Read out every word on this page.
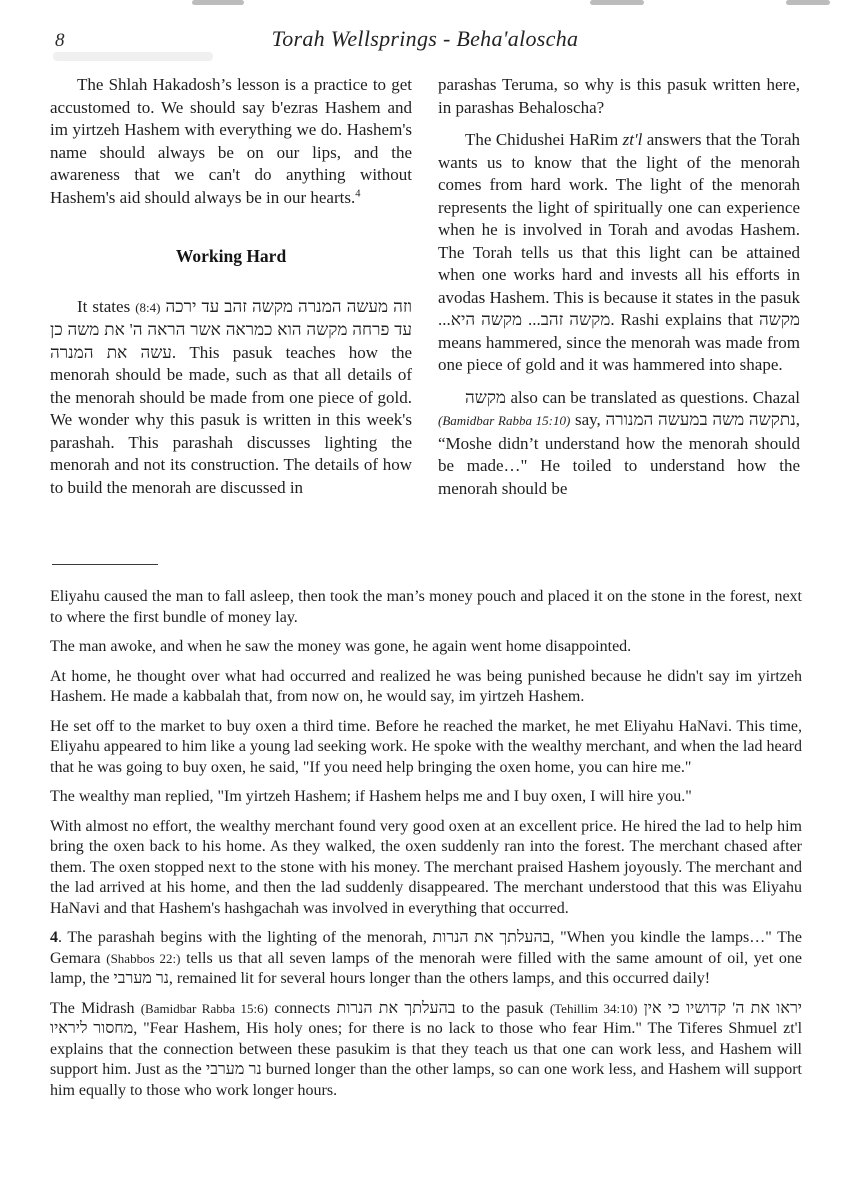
8	Torah Wellsprings - Beha'aloscha

The Shlah Hakadosh’s lesson is a practice to get accustomed to. We should say b'ezras Hashem and im yirtzeh Hashem with everything we do. Hashem's name should always be on our lips, and the awareness that we can't do anything without Hashem's aid should always be in our hearts.$^4$

Working Hard

It states (8:4) וזה מעשה המנרה מקשה זהב עד ירכה עד פרחה מקשה הוא כמראה אשר הראה ה' את משה כן עשה את המנרה. This pasuk teaches how the menorah should be made, such as that all details of the menorah should be made from one piece of gold. We wonder why this pasuk is written in this week's parashah. This parashah discusses lighting the menorah and not its construction. The details of how to build the menorah are discussed in

parashas Teruma, so why is this pasuk written here, in parashas Behaloscha?

The Chidushei HaRim zt'l answers that the Torah wants us to know that the light of the menorah comes from hard work. The light of the menorah represents the light of spiritually one can experience when he is involved in Torah and avodas Hashem. The Torah tells us that this light can be attained when one works hard and invests all his efforts in avodas Hashem. This is because it states in the pasuk מקשה זהב... מקשה היא.... Rashi explains that מקשה means hammered, since the menorah was made from one piece of gold and it was hammered into shape.

מקשה also can be translated as questions. Chazal (Bamidbar Rabba 15:10) say, נתקשה משה במעשה המנורה, “Moshe didn’t understand how the menorah should be made…" He toiled to understand how the menorah should be

Eliyahu caused the man to fall asleep, then took the man’s money pouch and placed it on the stone in the forest, next to where the first bundle of money lay.

The man awoke, and when he saw the money was gone, he again went home disappointed.

At home, he thought over what had occurred and realized he was being punished because he didn't say im yirtzeh Hashem. He made a kabbalah that, from now on, he would say, im yirtzeh Hashem.

He set off to the market to buy oxen a third time. Before he reached the market, he met Eliyahu HaNavi. This time, Eliyahu appeared to him like a young lad seeking work. He spoke with the wealthy merchant, and when the lad heard that he was going to buy oxen, he said, "If you need help bringing the oxen home, you can hire me."

The wealthy man replied, "Im yirtzeh Hashem; if Hashem helps me and I buy oxen, I will hire you."

With almost no effort, the wealthy merchant found very good oxen at an excellent price. He hired the lad to help him bring the oxen back to his home. As they walked, the oxen suddenly ran into the forest. The merchant chased after them. The oxen stopped next to the stone with his money. The merchant praised Hashem joyously. The merchant and the lad arrived at his home, and then the lad suddenly disappeared. The merchant understood that this was Eliyahu HaNavi and that Hashem's hashgachah was involved in everything that occurred.

4. The parashah begins with the lighting of the menorah, בהעלתך את הנרות, "When you kindle the lamps…" The Gemara (Shabbos 22:) tells us that all seven lamps of the menorah were filled with the same amount of oil, yet one lamp, the נר מערבי, remained lit for several hours longer than the others lamps, and this occurred daily!

The Midrash (Bamidbar Rabba 15:6) connects בהעלתך את הנרות to the pasuk (Tehillim 34:10) יראו את ה' קדושיו כי אין מחסור ליראיו, "Fear Hashem, His holy ones; for there is no lack to those who fear Him." The Tiferes Shmuel zt'l explains that the connection between these pasukim is that they teach us that one can work less, and Hashem will support him. Just as the נר מערבי burned longer than the other lamps, so can one work less, and Hashem will support him equally to those who work longer hours.
